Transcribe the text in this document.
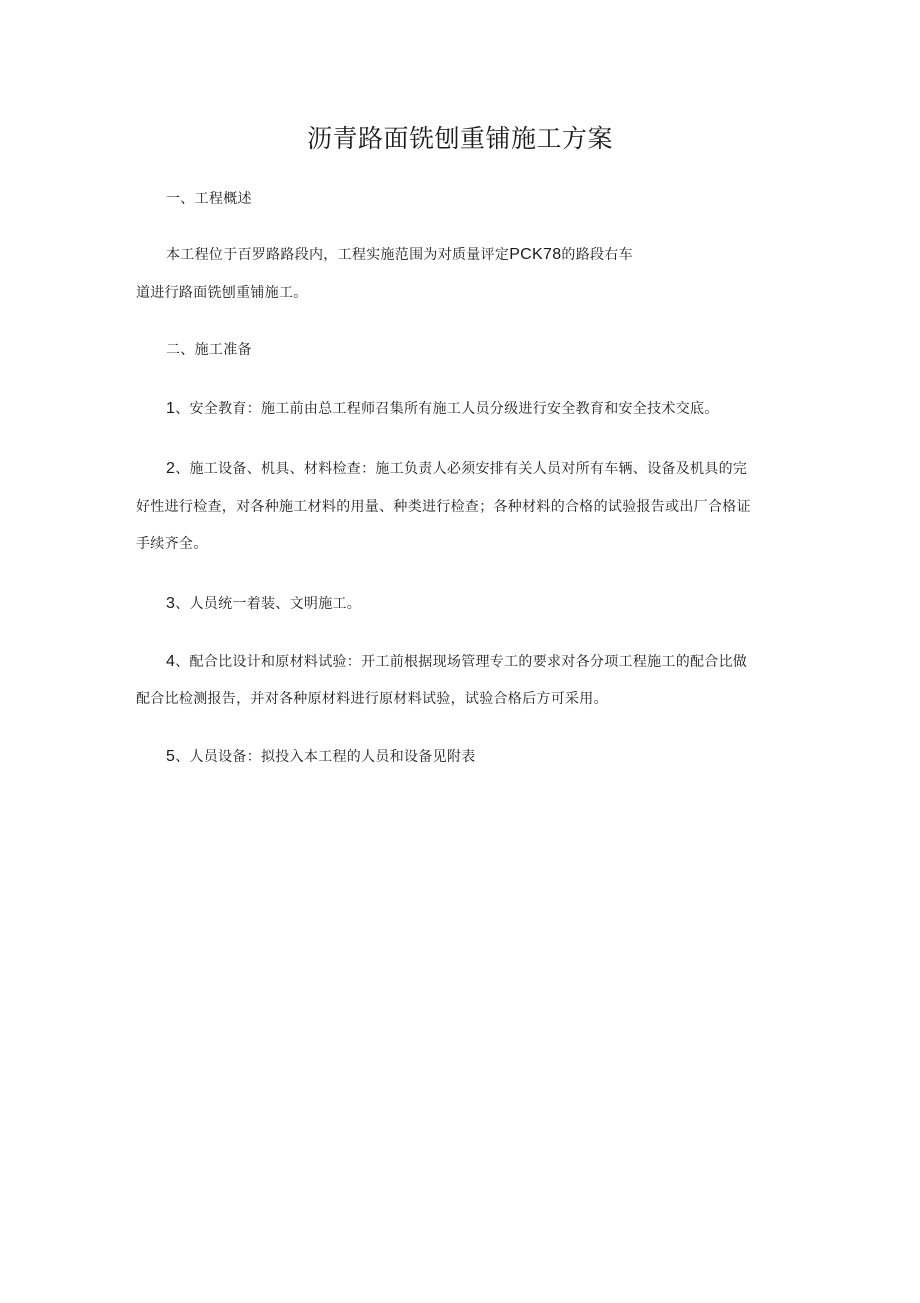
沥青路面铣刨重铺施工方案
一、工程概述
本工程位于百罗路路段内，工程实施范围为对质量评定PCK78的路段右车
道进行路面铣刨重铺施工。
二、施工准备
1、安全教育：施工前由总工程师召集所有施工人员分级进行安全教育和安全技术交底。
2、施工设备、机具、材料检查：施工负责人必须安排有关人员对所有车辆、设备及机具的完
好性进行检查，对各种施工材料的用量、种类进行检查；各种材料的合格的试验报告或出厂合格证
手续齐全。
3、人员统一着装、文明施工。
4、配合比设计和原材料试验：开工前根据现场管理专工的要求对各分项工程施工的配合比做
配合比检测报告，并对各种原材料进行原材料试验，试验合格后方可采用。
5、人员设备：拟投入本工程的人员和设备见附表
